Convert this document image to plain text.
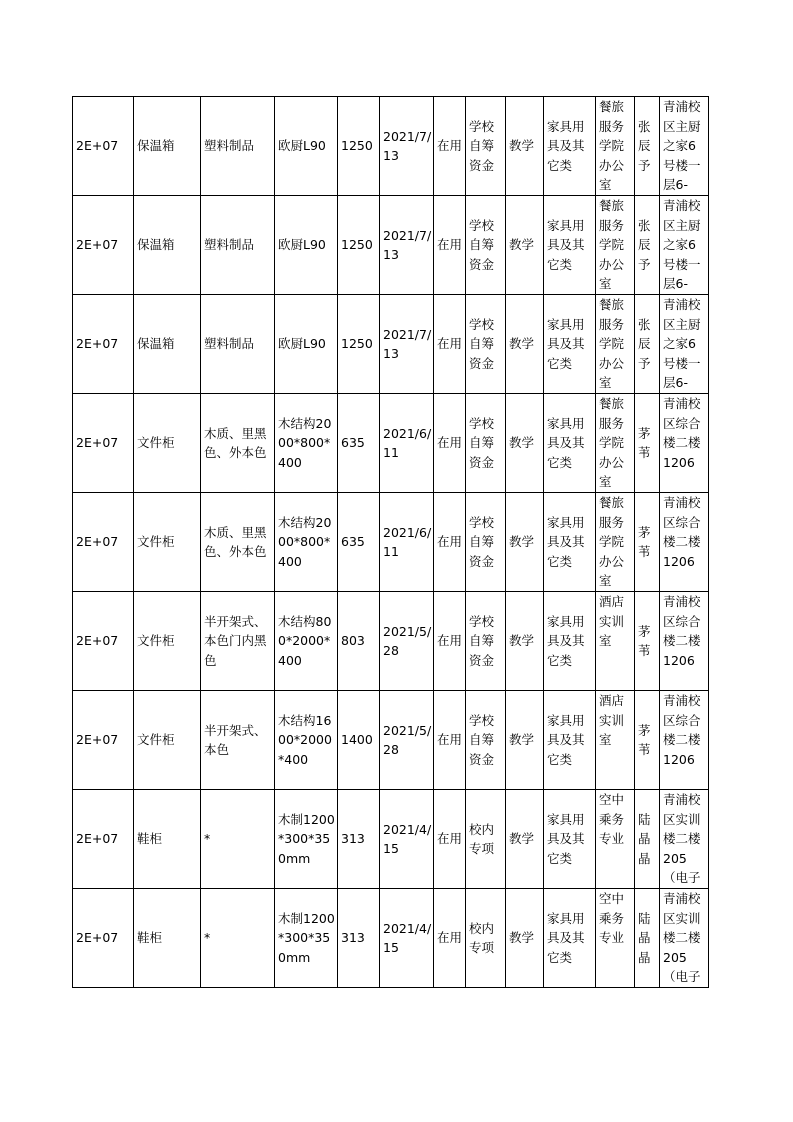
2E+07	保温箱	塑料制品	欧厨L90	1250	2021/7/13	在用	学校自筹资金	教学	家具用具及其它类	餐旅服务学院办公室	张辰予	青浦校区主厨之家6号楼一层6-

2E+07	保温箱	塑料制品	欧厨L90	1250	2021/7/13	在用	学校自筹资金	教学	家具用具及其它类	餐旅服务学院办公室	张辰予	青浦校区主厨之家6号楼一层6-

2E+07	保温箱	塑料制品	欧厨L90	1250	2021/7/13	在用	学校自筹资金	教学	家具用具及其它类	餐旅服务学院办公室	张辰予	青浦校区主厨之家6号楼一层6-

2E+07	文件柜	木质、里黑色、外本色	木结构2000*800*400	635	2021/6/11	在用	学校自筹资金	教学	家具用具及其它类	餐旅服务学院办公室	茅苇	青浦校区综合楼二楼1206

2E+07	文件柜	木质、里黑色、外本色	木结构2000*800*400	635	2021/6/11	在用	学校自筹资金	教学	家具用具及其它类	餐旅服务学院办公室	茅苇	青浦校区综合楼二楼1206

2E+07	文件柜	半开架式、本色门内黑色	木结构800*2000*400	803	2021/5/28	在用	学校自筹资金	教学	家具用具及其它类	酒店实训室	茅苇	青浦校区综合楼二楼1206

2E+07	文件柜	半开架式、本色	木结构1600*2000*400	1400	2021/5/28	在用	学校自筹资金	教学	家具用具及其它类	酒店实训室	茅苇	青浦校区综合楼二楼1206

2E+07	鞋柜	*	木制1200*300*350mm	313	2021/4/15	在用	校内专项	教学	家具用具及其它类	空中乘务专业	陆晶晶	青浦校区实训楼二楼205（电子

2E+07	鞋柜	*	木制1200*300*350mm	313	2021/4/15	在用	校内专项	教学	家具用具及其它类	空中乘务专业	陆晶晶	青浦校区实训楼二楼205（电子
